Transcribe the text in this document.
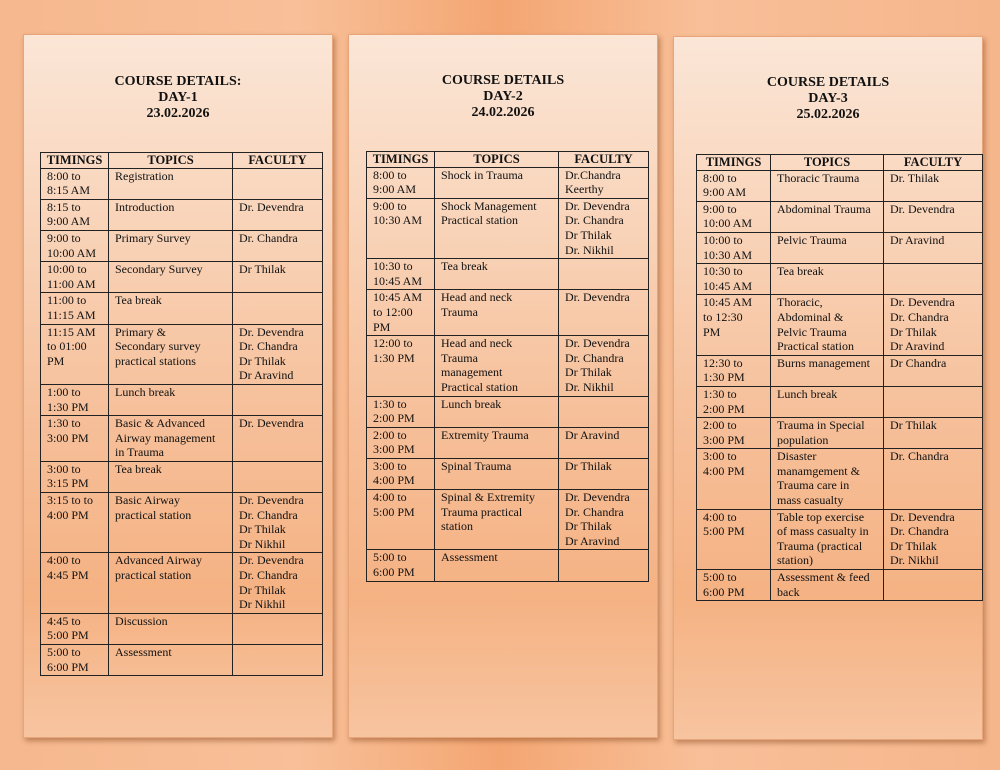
COURSE DETAILS:
DAY-1
23.02.2026
TIMINGS	TOPICS	FACULTY

8:00 to
8:15 AM	Registration	

8:15 to
9:00 AM	Introduction	Dr. Devendra

9:00 to
10:00 AM	Primary Survey	Dr. Chandra

10:00 to
11:00 AM	Secondary Survey	Dr Thilak

11:00 to
11:15 AM	Tea break	

11:15 AM
to 01:00
PM	Primary &
Secondary survey
practical stations	Dr. Devendra
Dr. Chandra
Dr Thilak
Dr Aravind

1:00 to
1:30 PM	Lunch break	

1:30 to
3:00 PM	Basic & Advanced
Airway management
in Trauma	Dr. Devendra

3:00 to
3:15 PM	Tea break	

3:15 to to
4:00 PM	Basic Airway
practical station	Dr. Devendra
Dr. Chandra
Dr Thilak
Dr Nikhil

4:00 to
4:45 PM	Advanced Airway
practical station	Dr. Devendra
Dr. Chandra
Dr Thilak
Dr Nikhil

4:45 to
5:00 PM	Discussion	

5:00 to
6:00 PM	Assessment	

COURSE DETAILS
DAY-2
24.02.2026
TIMINGS	TOPICS	FACULTY

8:00 to
9:00 AM	Shock in Trauma	Dr.Chandra
Keerthy

9:00 to
10:30 AM	Shock Management
Practical station	Dr. Devendra
Dr. Chandra
Dr Thilak
Dr. Nikhil

10:30 to
10:45 AM	Tea break	

10:45 AM
to 12:00
PM	Head and neck
Trauma	Dr. Devendra

12:00 to
1:30 PM	Head and neck
Trauma
management
Practical station	Dr. Devendra
Dr. Chandra
Dr Thilak
Dr. Nikhil

1:30 to
2:00 PM	Lunch break	

2:00 to
3:00 PM	Extremity Trauma	Dr Aravind

3:00 to
4:00 PM	Spinal Trauma	Dr Thilak

4:00 to
5:00 PM	Spinal & Extremity
Trauma practical
station	Dr. Devendra
Dr. Chandra
Dr Thilak
Dr Aravind

5:00 to
6:00 PM	Assessment	

COURSE DETAILS
DAY-3
25.02.2026
TIMINGS	TOPICS	FACULTY

8:00 to
9:00 AM	Thoracic Trauma	Dr. Thilak

9:00 to
10:00 AM	Abdominal Trauma	Dr. Devendra

10:00 to
10:30 AM	Pelvic Trauma	Dr Aravind

10:30 to
10:45 AM	Tea break	

10:45 AM
to 12:30
PM	Thoracic,
Abdominal &
Pelvic Trauma
Practical station	Dr. Devendra
Dr. Chandra
Dr Thilak
Dr Aravind

12:30 to
1:30 PM	Burns management	Dr Chandra

1:30 to
2:00 PM	Lunch break	

2:00 to
3:00 PM	Trauma in Special
population	Dr Thilak

3:00 to
4:00 PM	Disaster
manamgement &
Trauma care in
mass casualty	Dr. Chandra

4:00 to
5:00 PM	Table top exercise
of mass casualty in
Trauma (practical
station)	Dr. Devendra
Dr. Chandra
Dr Thilak
Dr. Nikhil

5:00 to
6:00 PM	Assessment & feed
back	
